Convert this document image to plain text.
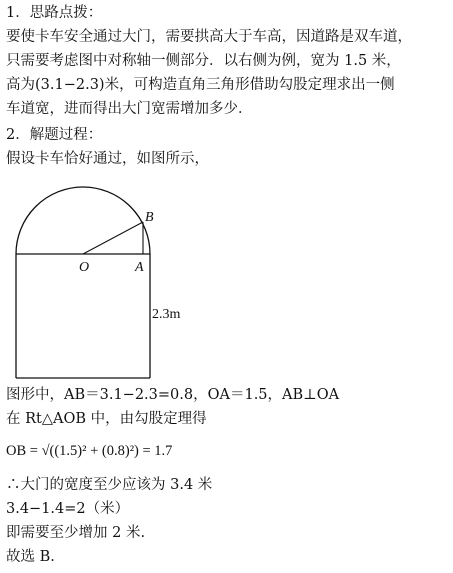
1．思路点拨：
要使卡车安全通过大门，需要拱高大于车高，因道路是双车道，
只需要考虑图中对称轴一侧部分．以右侧为例，宽为 1.5 米，
高为(3.1−2.3)米，可构造直角三角形借助勾股定理求出一侧
车道宽，进而得出大门宽需增加多少．
2．解题过程：
假设卡车恰好通过，如图所示，
B
O	A
2.3m
图形中，AB＝3.1−2.3=0.8，OA＝1.5，AB⊥OA
在 Rt△AOB 中，由勾股定理得
OB = √((1.5)² + (0.8)²) = 1.7
∴大门的宽度至少应该为 3.4 米
3.4−1.4=2（米）
即需要至少增加 2 米.
故选 B.
